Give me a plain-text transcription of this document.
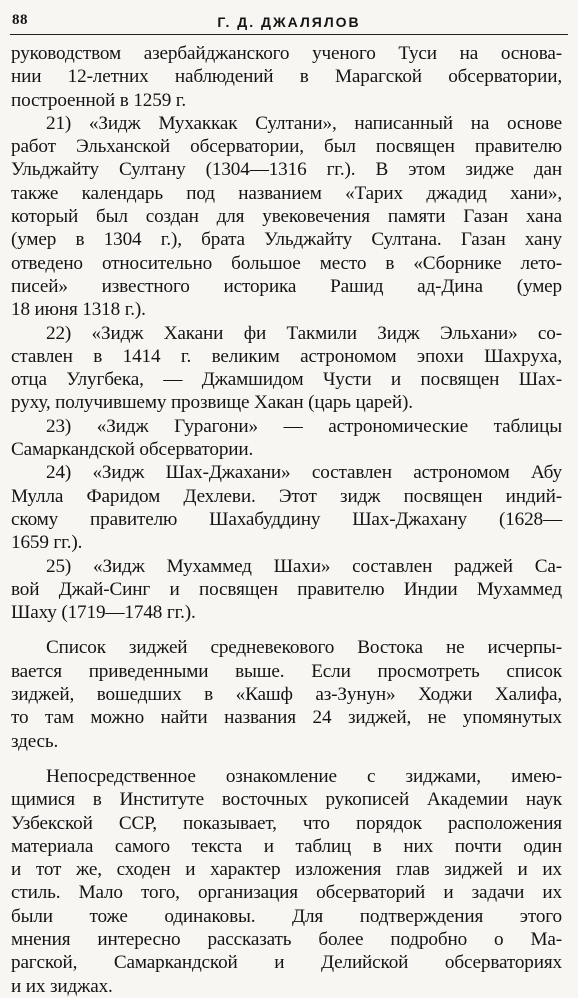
88	Г. Д. ДЖАЛЯЛОВ

руководством азербайджанского ученого Туси на основа-
нии 12-летних наблюдений в Марагской обсерватории,
построенной в 1259 г.

21) «Зидж Мухаккак Султани», написанный на основе
работ Эльханской обсерватории, был посвящен правителю
Ульджайту Султану (1304—1316 гг.). В этом зидже дан
также календарь под названием «Тарих джадид хани»,
который был создан для увековечения памяти Газан хана
(умер в 1304 г.), брата Ульджайту Султана. Газан хану
отведено относительно большое место в «Сборнике лето-
писей» известного историка Рашид ад-Дина (умер
18 июня 1318 г.).

22) «Зидж Хакани фи Такмили Зидж Эльхани» со-
ставлен в 1414 г. великим астрономом эпохи Шахруха,
отца Улугбека, — Джамшидом Чусти и посвящен Шах-
руху, получившему прозвище Хакан (царь царей).

23) «Зидж Гурагони» — астрономические таблицы
Самаркандской обсерватории.

24) «Зидж Шах-Джахани» составлен астрономом Абу
Мулла Фаридом Дехлеви. Этот зидж посвящен индий-
скому правителю Шахабуддину Шах-Джахану (1628—
1659 гг.).

25) «Зидж Мухаммед Шахи» составлен раджей Са-
вой Джай-Синг и посвящен правителю Индии Мухаммед
Шаху (1719—1748 гг.).

Список зиджей средневекового Востока не исчерпы-
вается приведенными выше. Если просмотреть список
зиджей, вошедших в «Кашф аз-Зунун» Ходжи Халифа,
то там можно найти названия 24 зиджей, не упомянутых
здесь.

Непосредственное ознакомление с зиджами, имею-
щимися в Институте восточных рукописей Академии наук
Узбекской ССР, показывает, что порядок расположения
материала самого текста и таблиц в них почти один
и тот же, сходен и характер изложения глав зиджей и их
стиль. Мало того, организация обсерваторий и задачи их
были тоже одинаковы. Для подтверждения этого
мнения интересно рассказать более подробно о Ма-
рагской, Самаркандской и Делийской обсерваториях
и их зиджах.
